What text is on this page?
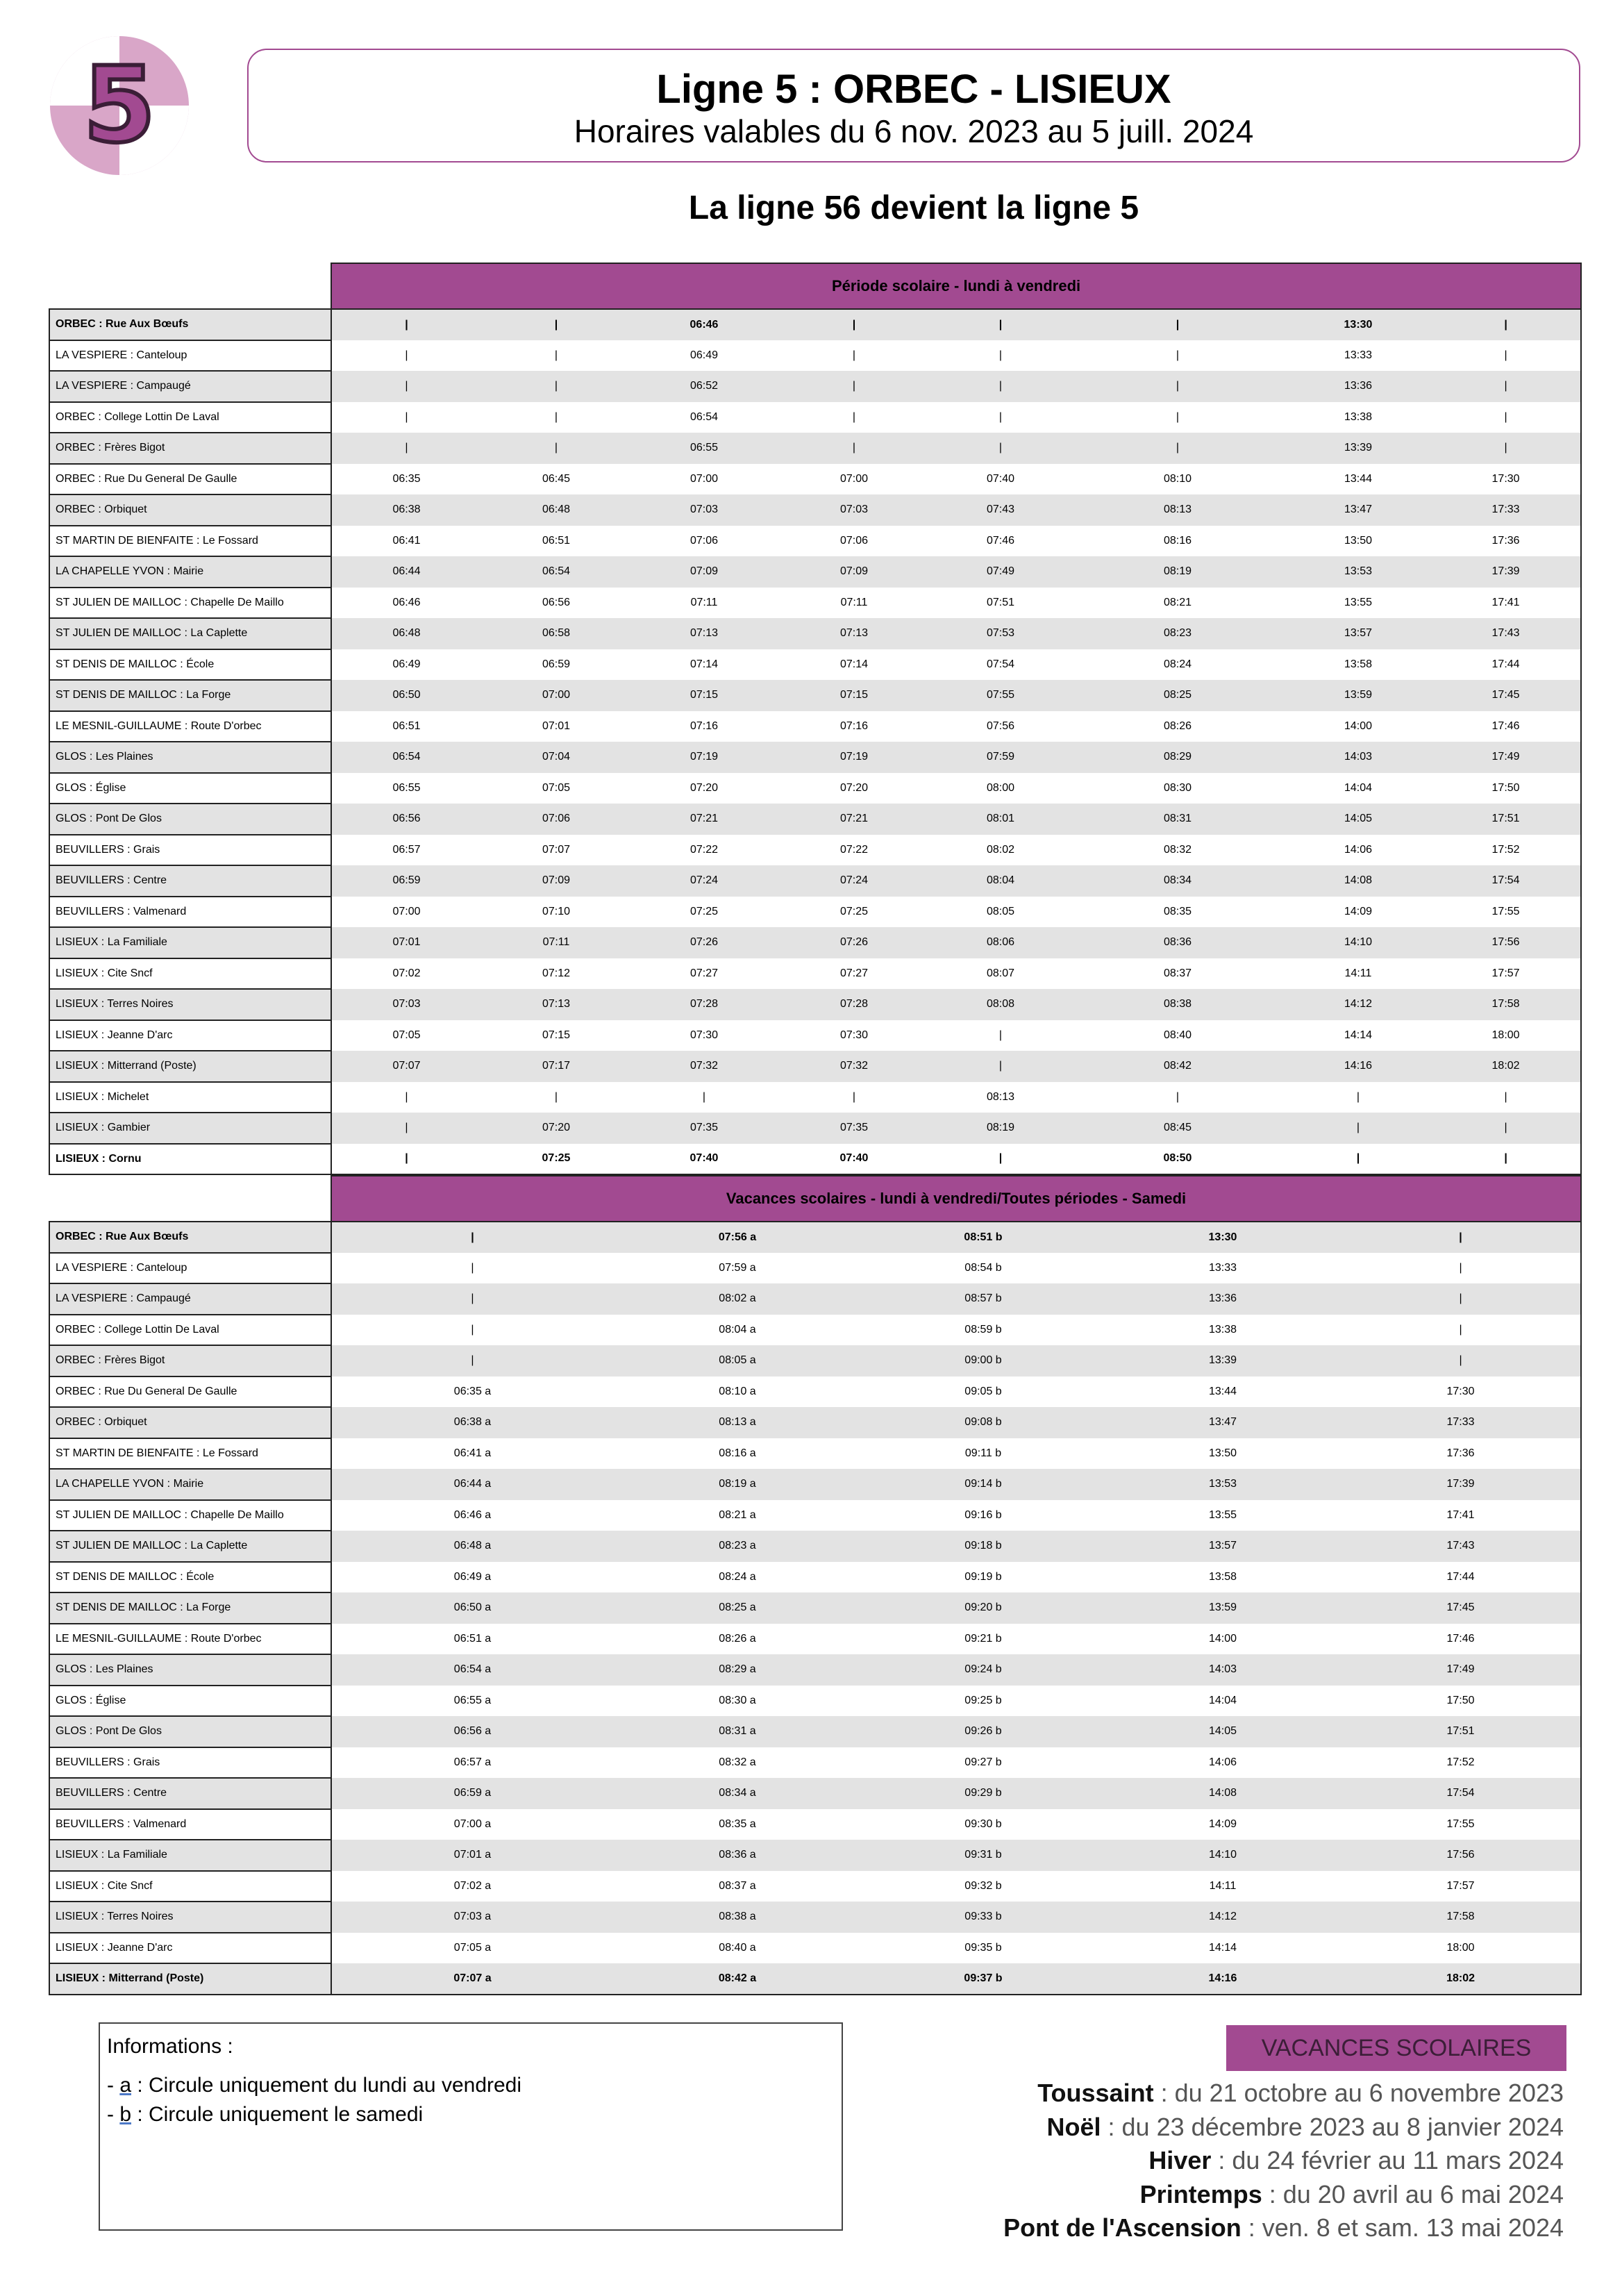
5	Ligne 5 : ORBEC - LISIEUX
Horaires valables du 6 nov. 2023 au 5 juill. 2024
La ligne 56 devient la ligne 5
	Période scolaire - lundi à vendredi							
ORBEC : Rue Aux Bœufs	|	|	06:46	|	|	|	13:30	|
LA VESPIERE : Canteloup	|	|	06:49	|	|	|	13:33	|
LA VESPIERE : Campaugé	|	|	06:52	|	|	|	13:36	|
ORBEC : College Lottin De Laval	|	|	06:54	|	|	|	13:38	|
ORBEC : Frères Bigot	|	|	06:55	|	|	|	13:39	|
ORBEC : Rue Du General De Gaulle	06:35	06:45	07:00	07:00	07:40	08:10	13:44	17:30
ORBEC : Orbiquet	06:38	06:48	07:03	07:03	07:43	08:13	13:47	17:33
ST MARTIN DE BIENFAITE : Le Fossard	06:41	06:51	07:06	07:06	07:46	08:16	13:50	17:36
LA CHAPELLE YVON : Mairie	06:44	06:54	07:09	07:09	07:49	08:19	13:53	17:39
ST JULIEN DE MAILLOC : Chapelle De Maillo	06:46	06:56	07:11	07:11	07:51	08:21	13:55	17:41
ST JULIEN DE MAILLOC : La Caplette	06:48	06:58	07:13	07:13	07:53	08:23	13:57	17:43
ST DENIS DE MAILLOC : École	06:49	06:59	07:14	07:14	07:54	08:24	13:58	17:44
ST DENIS DE MAILLOC : La Forge	06:50	07:00	07:15	07:15	07:55	08:25	13:59	17:45
LE MESNIL-GUILLAUME : Route D'orbec	06:51	07:01	07:16	07:16	07:56	08:26	14:00	17:46
GLOS : Les Plaines	06:54	07:04	07:19	07:19	07:59	08:29	14:03	17:49
GLOS : Église	06:55	07:05	07:20	07:20	08:00	08:30	14:04	17:50
GLOS : Pont De Glos	06:56	07:06	07:21	07:21	08:01	08:31	14:05	17:51
BEUVILLERS : Grais	06:57	07:07	07:22	07:22	08:02	08:32	14:06	17:52
BEUVILLERS : Centre	06:59	07:09	07:24	07:24	08:04	08:34	14:08	17:54
BEUVILLERS : Valmenard	07:00	07:10	07:25	07:25	08:05	08:35	14:09	17:55
LISIEUX : La Familiale	07:01	07:11	07:26	07:26	08:06	08:36	14:10	17:56
LISIEUX : Cite Sncf	07:02	07:12	07:27	07:27	08:07	08:37	14:11	17:57
LISIEUX : Terres Noires	07:03	07:13	07:28	07:28	08:08	08:38	14:12	17:58
LISIEUX : Jeanne D'arc	07:05	07:15	07:30	07:30	|	08:40	14:14	18:00
LISIEUX : Mitterrand (Poste)	07:07	07:17	07:32	07:32	|	08:42	14:16	18:02
LISIEUX : Michelet	|	|	|	|	08:13	|	|	|
LISIEUX : Gambier	|	07:20	07:35	07:35	08:19	08:45	|	|
LISIEUX : Cornu	|	07:25	07:40	07:40	|	08:50	|	|
	Vacances scolaires - lundi à vendredi/Toutes périodes - Samedi				
ORBEC : Rue Aux Bœufs	|	07:56 a	08:51 b	13:30	|
LA VESPIERE : Canteloup	|	07:59 a	08:54 b	13:33	|
LA VESPIERE : Campaugé	|	08:02 a	08:57 b	13:36	|
ORBEC : College Lottin De Laval	|	08:04 a	08:59 b	13:38	|
ORBEC : Frères Bigot	|	08:05 a	09:00 b	13:39	|
ORBEC : Rue Du General De Gaulle	06:35 a	08:10 a	09:05 b	13:44	17:30
ORBEC : Orbiquet	06:38 a	08:13 a	09:08 b	13:47	17:33
ST MARTIN DE BIENFAITE : Le Fossard	06:41 a	08:16 a	09:11 b	13:50	17:36
LA CHAPELLE YVON : Mairie	06:44 a	08:19 a	09:14 b	13:53	17:39
ST JULIEN DE MAILLOC : Chapelle De Maillo	06:46 a	08:21 a	09:16 b	13:55	17:41
ST JULIEN DE MAILLOC : La Caplette	06:48 a	08:23 a	09:18 b	13:57	17:43
ST DENIS DE MAILLOC : École	06:49 a	08:24 a	09:19 b	13:58	17:44
ST DENIS DE MAILLOC : La Forge	06:50 a	08:25 a	09:20 b	13:59	17:45
LE MESNIL-GUILLAUME : Route D'orbec	06:51 a	08:26 a	09:21 b	14:00	17:46
GLOS : Les Plaines	06:54 a	08:29 a	09:24 b	14:03	17:49
GLOS : Église	06:55 a	08:30 a	09:25 b	14:04	17:50
GLOS : Pont De Glos	06:56 a	08:31 a	09:26 b	14:05	17:51
BEUVILLERS : Grais	06:57 a	08:32 a	09:27 b	14:06	17:52
BEUVILLERS : Centre	06:59 a	08:34 a	09:29 b	14:08	17:54
BEUVILLERS : Valmenard	07:00 a	08:35 a	09:30 b	14:09	17:55
LISIEUX : La Familiale	07:01 a	08:36 a	09:31 b	14:10	17:56
LISIEUX : Cite Sncf	07:02 a	08:37 a	09:32 b	14:11	17:57
LISIEUX : Terres Noires	07:03 a	08:38 a	09:33 b	14:12	17:58
LISIEUX : Jeanne D'arc	07:05 a	08:40 a	09:35 b	14:14	18:00
LISIEUX : Mitterrand (Poste)	07:07 a	08:42 a	09:37 b	14:16	18:02
Informations :
- a : Circule uniquement du lundi au vendredi
- b : Circule uniquement le samedi
VACANCES SCOLAIRES
Toussaint : du 21 octobre au 6 novembre 2023
Noël : du 23 décembre 2023 au 8 janvier 2024
Hiver : du 24 février au 11 mars 2024
Printemps : du 20 avril au 6 mai 2024
Pont de l'Ascension : ven. 8 et sam. 13 mai 2024
